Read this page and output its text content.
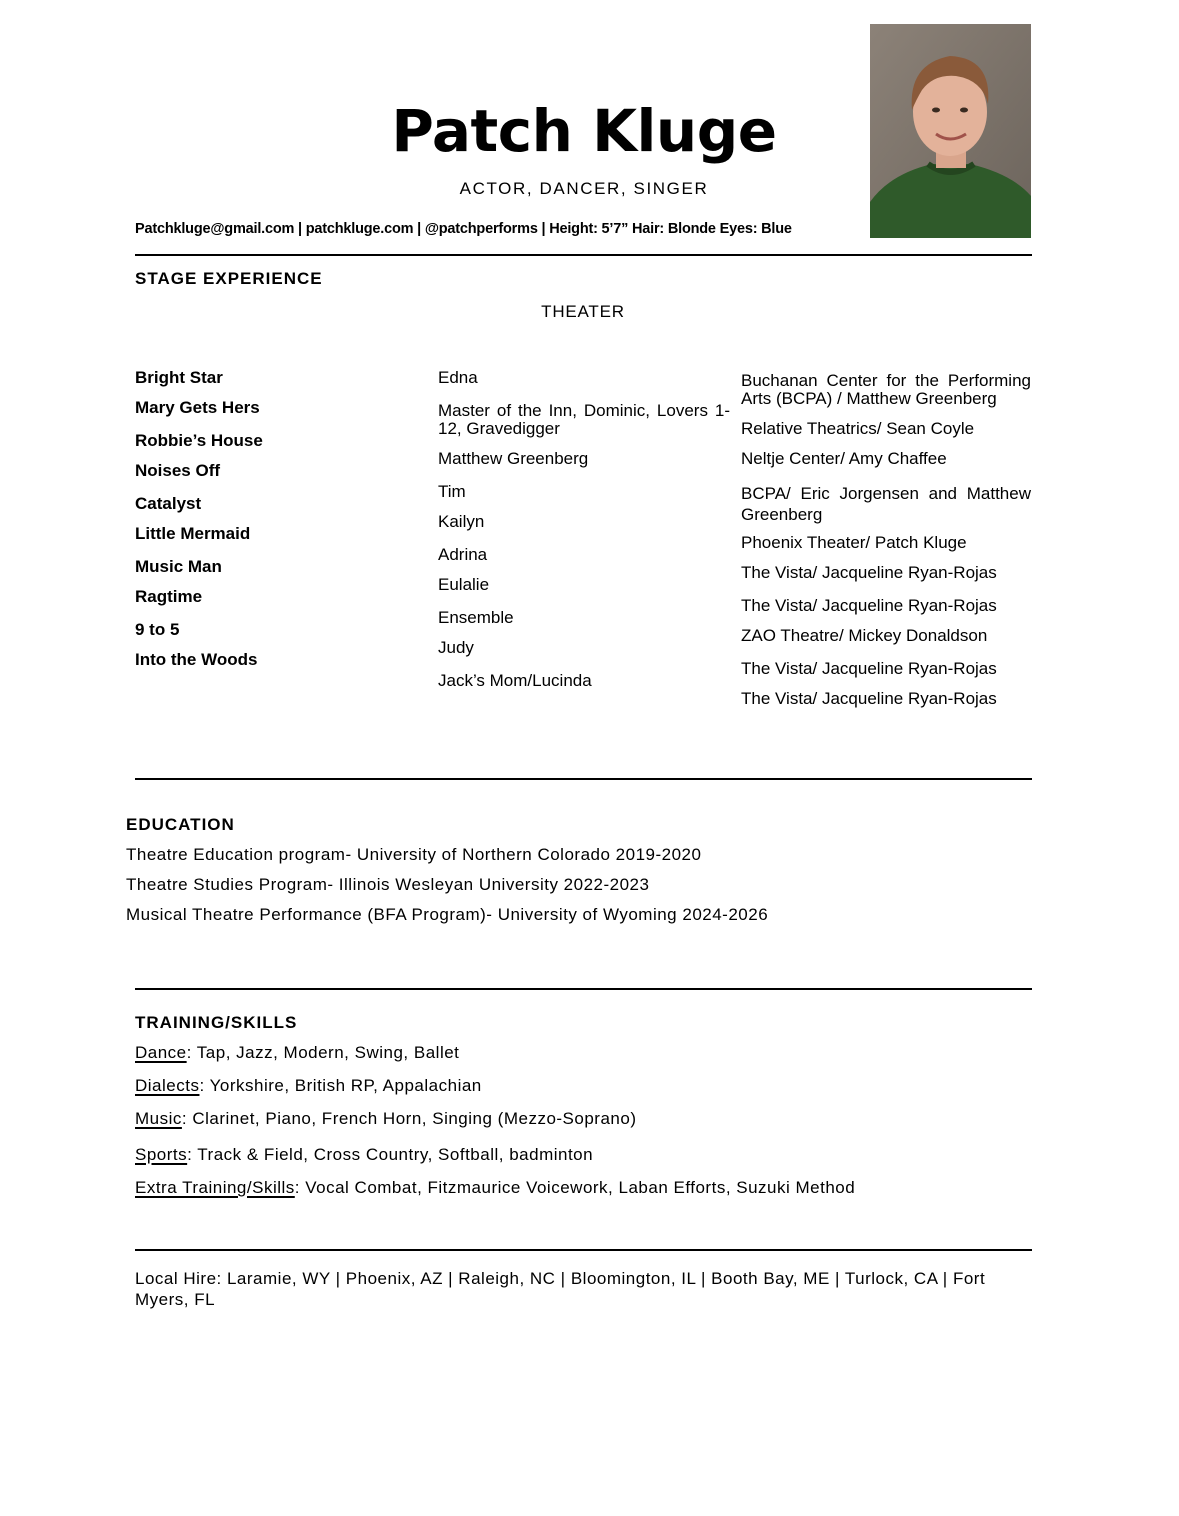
Patch Kluge
ACTOR, DANCER, SINGER
Patchkluge@gmail.com | patchkluge.com | @patchperforms | Height: 5’7” Hair: Blonde Eyes: Blue
STAGE EXPERIENCE
THEATER
Bright Star
Mary Gets Hers
Robbie’s House
Noises Off
Catalyst
Little Mermaid
Music Man
Ragtime
9 to 5
Into the Woods
Edna
Master of the Inn, Dominic, Lovers 1-12, Gravedigger
Matthew Greenberg
Tim
Kailyn
Adrina
Eulalie
Ensemble
Judy
Jack’s Mom/Lucinda
Buchanan Center for the Performing Arts (BCPA) / Matthew Greenberg
Relative Theatrics/ Sean Coyle
Neltje Center/ Amy Chaffee
BCPA/ Eric Jorgensen and Matthew Greenberg
Phoenix Theater/ Patch Kluge
The Vista/ Jacqueline Ryan-Rojas
The Vista/ Jacqueline Ryan-Rojas
ZAO Theatre/ Mickey Donaldson
The Vista/ Jacqueline Ryan-Rojas
The Vista/ Jacqueline Ryan-Rojas
EDUCATION
Theatre Education program- University of Northern Colorado 2019-2020
Theatre Studies Program- Illinois Wesleyan University 2022-2023
Musical Theatre Performance (BFA Program)- University of Wyoming 2024-2026
TRAINING/SKILLS
Dance: Tap, Jazz, Modern, Swing, Ballet
Dialects: Yorkshire, British RP, Appalachian
Music: Clarinet, Piano, French Horn, Singing (Mezzo-Soprano)
Sports: Track & Field, Cross Country, Softball, badminton
Extra Training/Skills: Vocal Combat, Fitzmaurice Voicework, Laban Efforts, Suzuki Method
Local Hire: Laramie, WY | Phoenix, AZ | Raleigh, NC | Bloomington, IL | Booth Bay, ME | Turlock, CA | Fort Myers, FL
